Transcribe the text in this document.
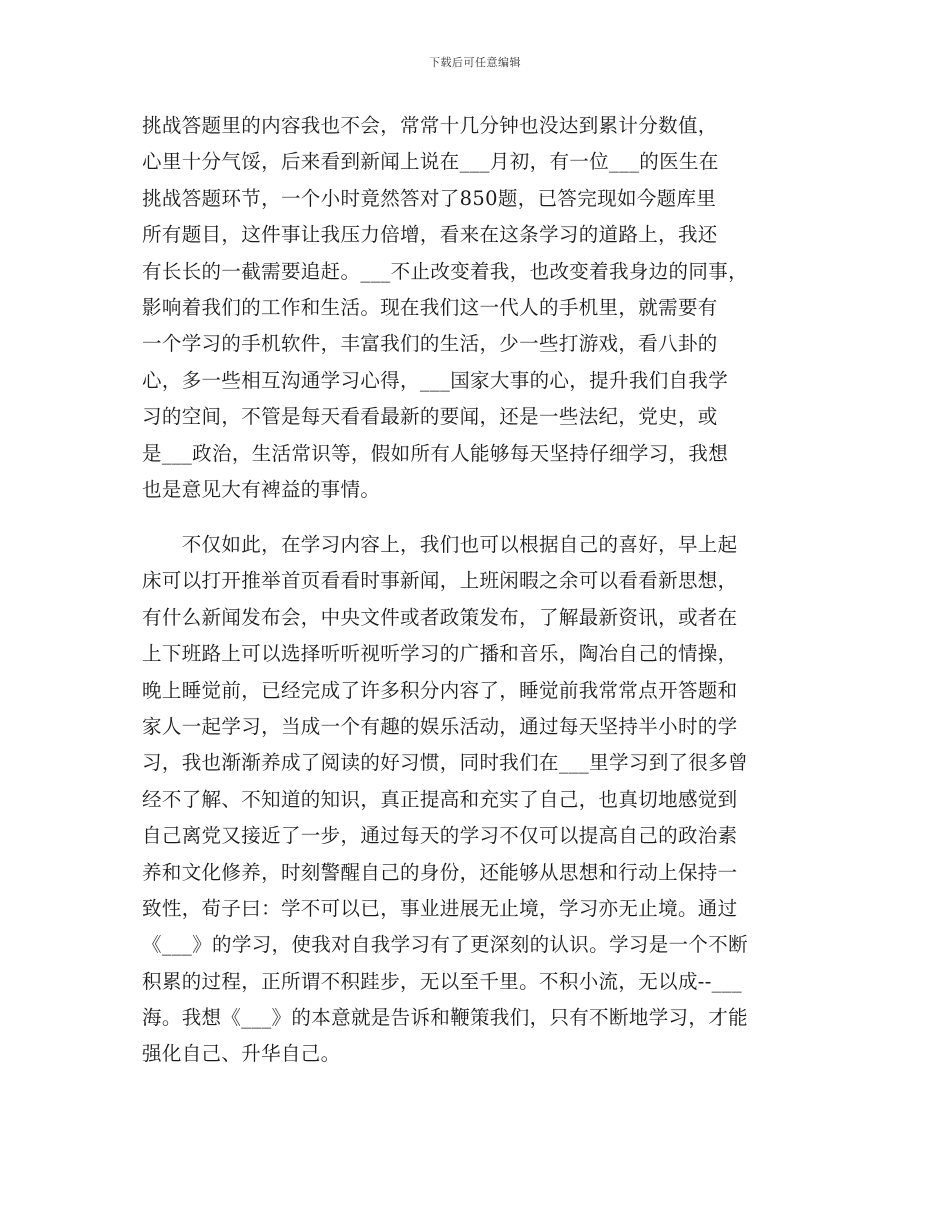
下载后可任意编辑
挑战答题里的内容我也不会，常常十几分钟也没达到累计分数值，
心里十分气馁，后来看到新闻上说在___月初，有一位___的医生在
挑战答题环节，一个小时竟然答对了850题，已答完现如今题库里
所有题目，这件事让我压力倍增，看来在这条学习的道路上，我还
有长长的一截需要追赶。___不止改变着我，也改变着我身边的同事，
影响着我们的工作和生活。现在我们这一代人的手机里，就需要有
一个学习的手机软件，丰富我们的生活，少一些打游戏，看八卦的
心，多一些相互沟通学习心得，___国家大事的心，提升我们自我学
习的空间，不管是每天看看最新的要闻，还是一些法纪，党史，或
是___政治，生活常识等，假如所有人能够每天坚持仔细学习，我想
也是意见大有裨益的事情。
　　不仅如此，在学习内容上，我们也可以根据自己的喜好，早上起
床可以打开推举首页看看时事新闻，上班闲暇之余可以看看新思想，
有什么新闻发布会，中央文件或者政策发布，了解最新资讯，或者在
上下班路上可以选择听听视听学习的广播和音乐，陶冶自己的情操，
晚上睡觉前，已经完成了许多积分内容了，睡觉前我常常点开答题和
家人一起学习，当成一个有趣的娱乐活动，通过每天坚持半小时的学
习，我也渐渐养成了阅读的好习惯，同时我们在___里学习到了很多曾
经不了解、不知道的知识，真正提高和充实了自己，也真切地感觉到
自己离党又接近了一步，通过每天的学习不仅可以提高自己的政治素
养和文化修养，时刻警醒自己的身份，还能够从思想和行动上保持一
致性，荀子曰：学不可以已，事业进展无止境，学习亦无止境。通过
《___》的学习，使我对自我学习有了更深刻的认识。学习是一个不断
积累的过程，正所谓不积跬步，无以至千里。不积小流，无以成--___
海。我想《___》的本意就是告诉和鞭策我们，只有不断地学习，才能
强化自己、升华自己。
